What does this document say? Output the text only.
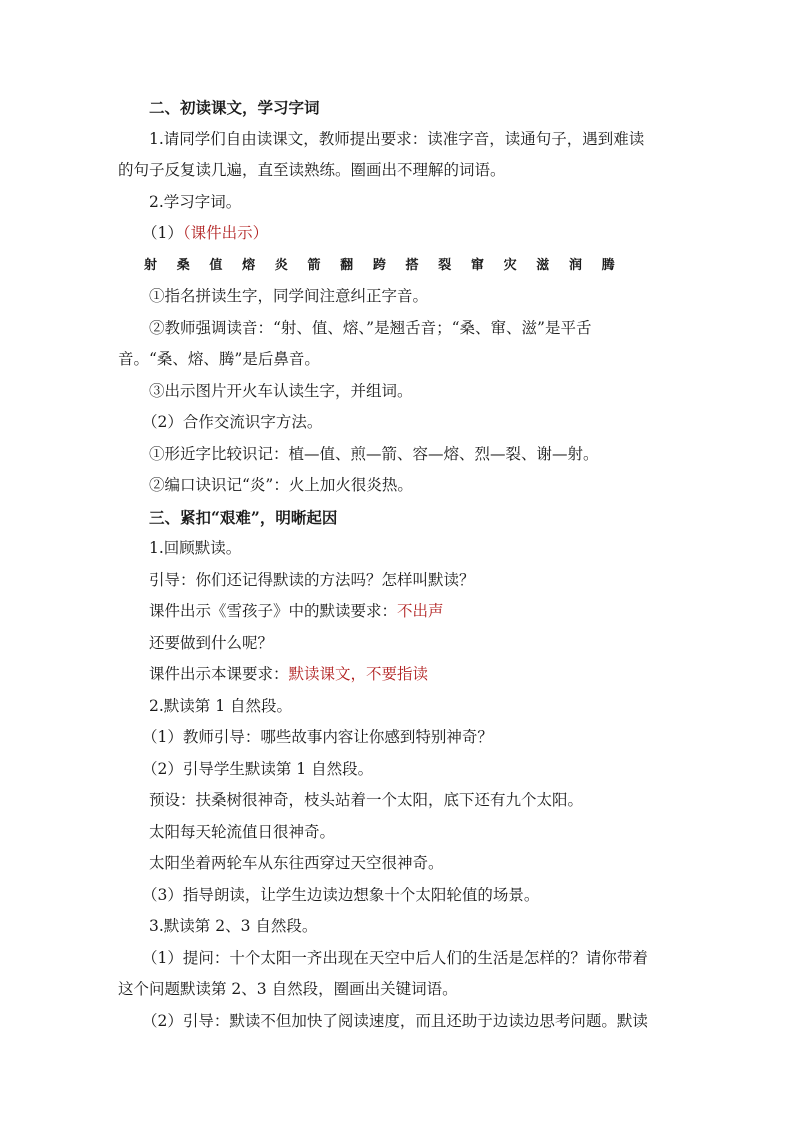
二、初读课文，学习字词
1.请同学们自由读课文，教师提出要求：读准字音，读通句子，遇到难读
的句子反复读几遍，直至读熟练。圈画出不理解的词语。
2.学习字词。
（1）（课件出示）
射	桑	值	熔	炎	箭	翻	跨	搭	裂	窜	灾	滋	润	腾
①指名拼读生字，同学间注意纠正字音。
②教师强调读音：“射、值、熔、”是翘舌音；“桑、窜、滋”是平舌
音。“桑、熔、腾”是后鼻音。
③出示图片开火车认读生字，并组词。
（2）合作交流识字方法。
①形近字比较识记：植—值、煎—箭、容—熔、烈—裂、谢—射。
②编口诀识记“炎”：火上加火很炎热。
三、紧扣“艰难”，明晰起因
1.回顾默读。
引导：你们还记得默读的方法吗？怎样叫默读？
课件出示《雪孩子》中的默读要求：不出声
还要做到什么呢？
课件出示本课要求：默读课文，不要指读
2.默读第 1 自然段。
（1）教师引导：哪些故事内容让你感到特别神奇？
（2）引导学生默读第 1 自然段。
预设：扶桑树很神奇，枝头站着一个太阳，底下还有九个太阳。
太阳每天轮流值日很神奇。
太阳坐着两轮车从东往西穿过天空很神奇。
（3）指导朗读，让学生边读边想象十个太阳轮值的场景。
3.默读第 2、3 自然段。
（1）提问：十个太阳一齐出现在天空中后人们的生活是怎样的？请你带着
这个问题默读第 2、3 自然段，圈画出关键词语。
（2）引导：默读不但加快了阅读速度，而且还助于边读边思考问题。默读
